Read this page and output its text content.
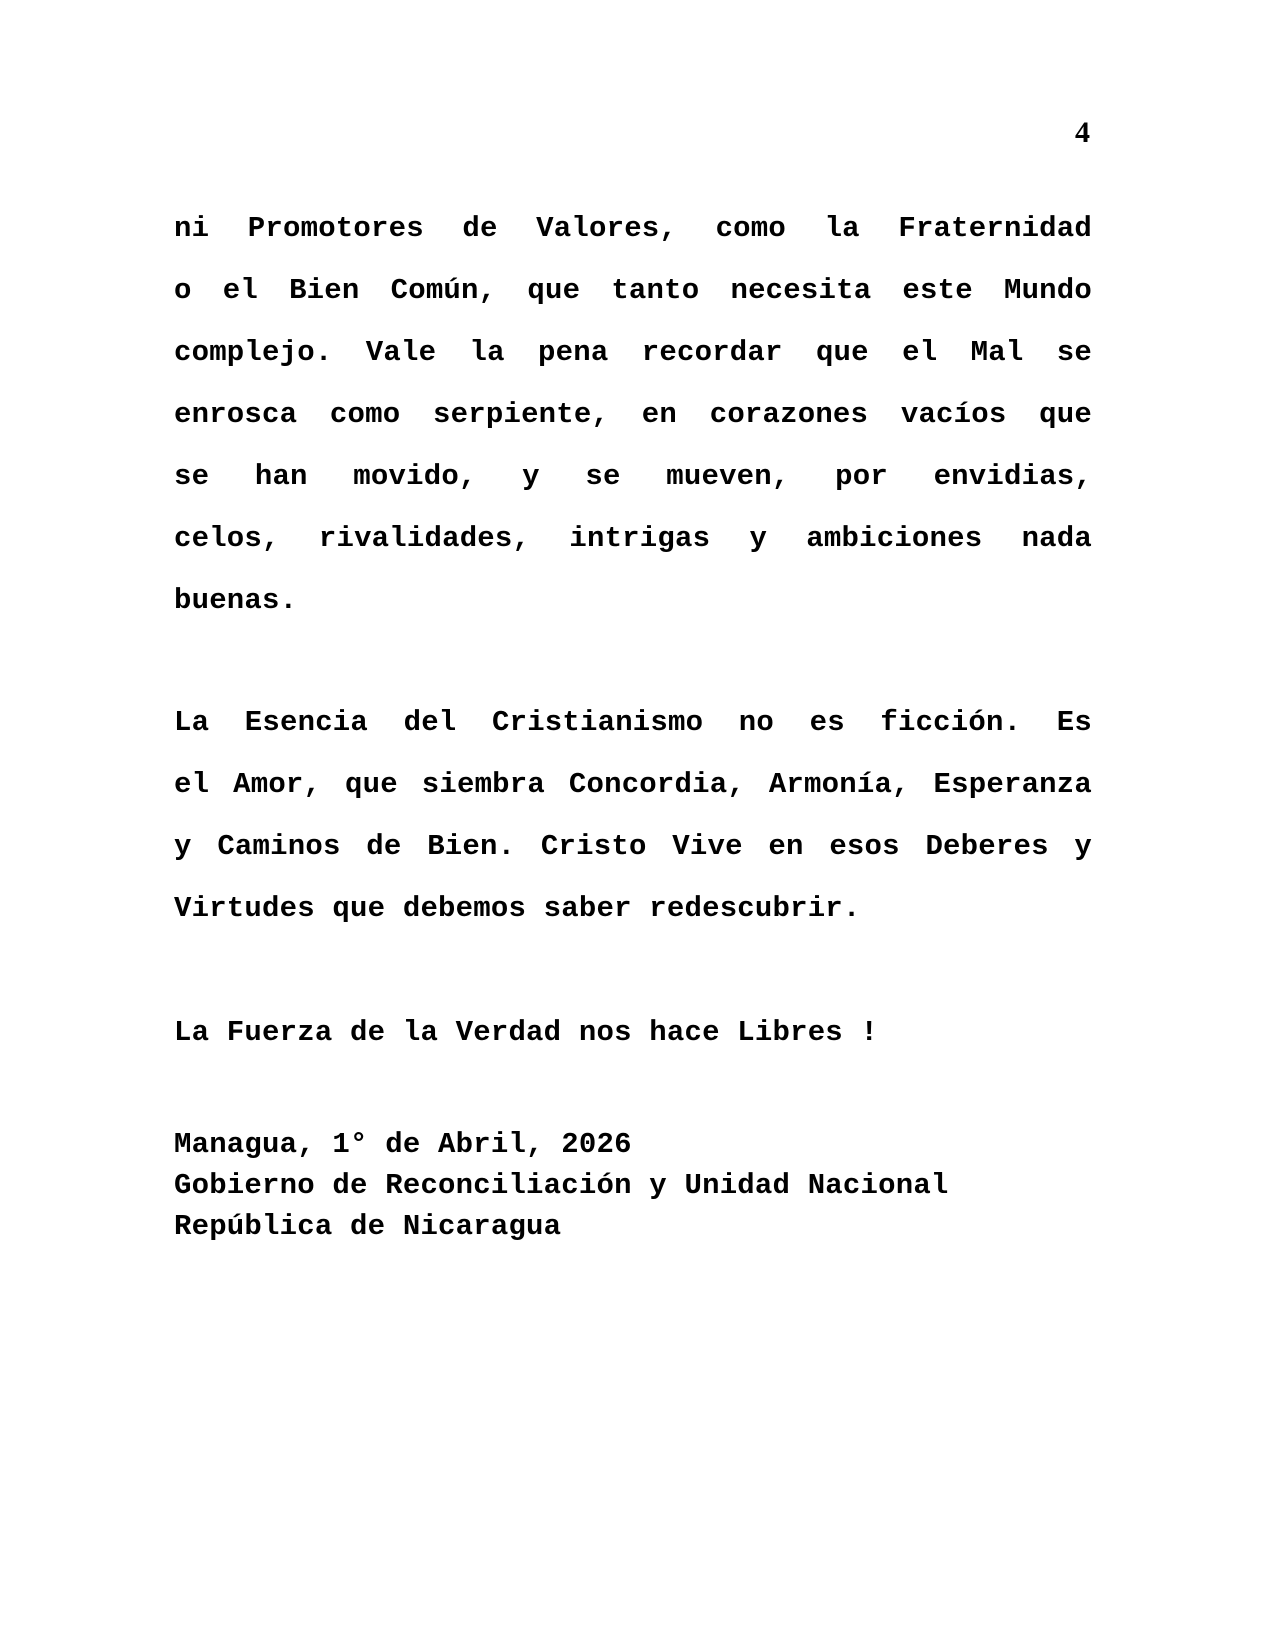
4
ni Promotores de Valores, como la Fraternidad
o el Bien Común, que tanto necesita este Mundo
complejo. Vale la pena recordar que el Mal se
enrosca como serpiente, en corazones vacíos que
se han movido, y se mueven, por envidias,
celos, rivalidades, intrigas y ambiciones nada
buenas.
La Esencia del Cristianismo no es ficción. Es
el Amor, que siembra Concordia, Armonía, Esperanza
y Caminos de Bien. Cristo Vive en esos Deberes y
Virtudes que debemos saber redescubrir.
La Fuerza de la Verdad nos hace Libres !
Managua, 1° de Abril, 2026
Gobierno de Reconciliación y Unidad Nacional
República de Nicaragua
